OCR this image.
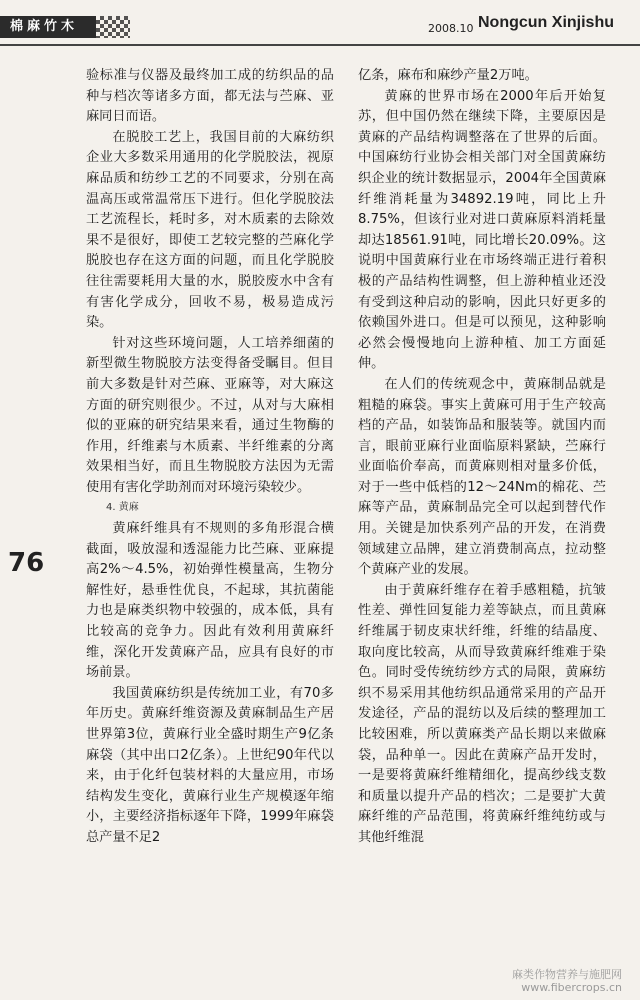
棉麻竹木	2008.10 Nongcun Xinjishu
76

验标准与仪器及最终加工成的纺织品的品种与档次等诸多方面，都无法与苎麻、亚麻同日而语。

在脱胶工艺上，我国目前的大麻纺织企业大多数采用通用的化学脱胶法，视原麻品质和纺纱工艺的不同要求，分别在高温高压或常温常压下进行。但化学脱胶法工艺流程长，耗时多，对木质素的去除效果不是很好，即使工艺较完整的苎麻化学脱胶也存在这方面的问题，而且化学脱胶往往需要耗用大量的水，脱胶废水中含有有害化学成分，回收不易，极易造成污染。

针对这些环境问题，人工培养细菌的新型微生物脱胶方法变得备受瞩目。但目前大多数是针对苎麻、亚麻等，对大麻这方面的研究则很少。不过，从对与大麻相似的亚麻的研究结果来看，通过生物酶的作用，纤维素与木质素、半纤维素的分离效果相当好，而且生物脱胶方法因为无需使用有害化学助剂而对环境污染较少。

4. 黄麻

黄麻纤维具有不规则的多角形混合横截面，吸放湿和透湿能力比苎麻、亚麻提高2%～4.5%，初始弹性模量高，生物分解性好，悬垂性优良，不起球，其抗菌能力也是麻类织物中较强的，成本低，具有比较高的竞争力。因此有效利用黄麻纤维，深化开发黄麻产品，应具有良好的市场前景。

我国黄麻纺织是传统加工业，有70多年历史。黄麻纤维资源及黄麻制品生产居世界第3位，黄麻行业全盛时期生产9亿条麻袋（其中出口2亿条）。上世纪90年代以来，由于化纤包装材料的大量应用，市场结构发生变化，黄麻行业生产规模逐年缩小，主要经济指标逐年下降，1999年麻袋总产量不足2

亿条，麻布和麻纱产量2万吨。

黄麻的世界市场在2000年后开始复苏，但中国仍然在继续下降，主要原因是黄麻的产品结构调整落在了世界的后面。中国麻纺行业协会相关部门对全国黄麻纺织企业的统计数据显示，2004年全国黄麻纤维消耗量为34892.19吨，同比上升8.75%，但该行业对进口黄麻原料消耗量却达18561.91吨，同比增长20.09%。这说明中国黄麻行业在市场终端正进行着积极的产品结构性调整，但上游种植业还没有受到这种启动的影响，因此只好更多的依赖国外进口。但是可以预见，这种影响必然会慢慢地向上游种植、加工方面延伸。

在人们的传统观念中，黄麻制品就是粗糙的麻袋。事实上黄麻可用于生产较高档的产品，如装饰品和服装等。就国内而言，眼前亚麻行业面临原料紧缺，苎麻行业面临价奉高，而黄麻则相对量多价低，对于一些中低档的12～24Nm的棉花、苎麻等产品，黄麻制品完全可以起到替代作用。关键是加快系列产品的开发，在消费领域建立品牌，建立消费制高点，拉动整个黄麻产业的发展。

由于黄麻纤维存在着手感粗糙，抗皱性差、弹性回复能力差等缺点，而且黄麻纤维属于韧皮束状纤维，纤维的结晶度、取向度比较高，从而导致黄麻纤维难于染色。同时受传统纺纱方式的局限，黄麻纺织不易采用其他纺织品通常采用的产品开发途径，产品的混纺以及后续的整理加工比较困难，所以黄麻类产品长期以来做麻袋，品种单一。因此在黄麻产品开发时，一是要将黄麻纤维精细化，提高纱线支数和质量以提升产品的档次；二是要扩大黄麻纤维的产品范围，将黄麻纤维纯纺或与其他纤维混

麻类作物营养与施肥网
www.fibercrops.cn
